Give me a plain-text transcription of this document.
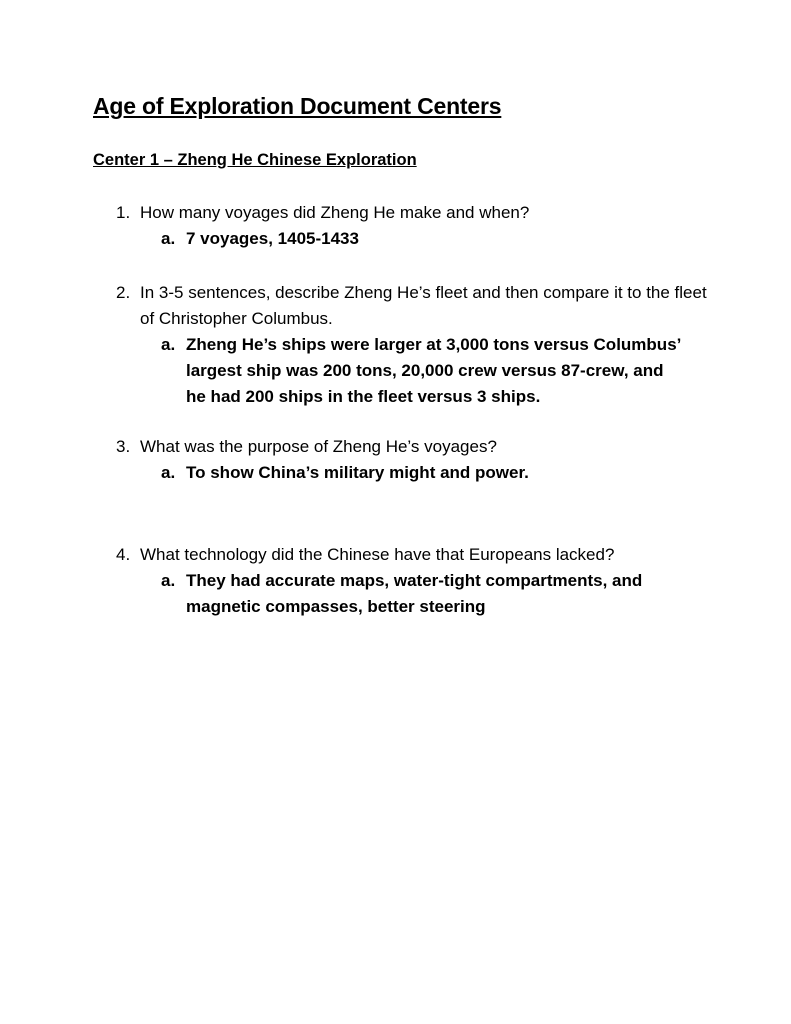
Age of Exploration Document Centers
Center 1 – Zheng He Chinese Exploration
1. How many voyages did Zheng He make and when?
a. 7 voyages, 1405-1433
2. In 3-5 sentences, describe Zheng He’s fleet and then compare it to the fleet of Christopher Columbus.
a. Zheng He’s ships were larger at 3,000 tons versus Columbus’ largest ship was 200 tons, 20,000 crew versus 87-crew, and he had 200 ships in the fleet versus 3 ships.
3. What was the purpose of Zheng He’s voyages?
a. To show China’s military might and power.
4. What technology did the Chinese have that Europeans lacked?
a. They had accurate maps, water-tight compartments, and magnetic compasses, better steering
